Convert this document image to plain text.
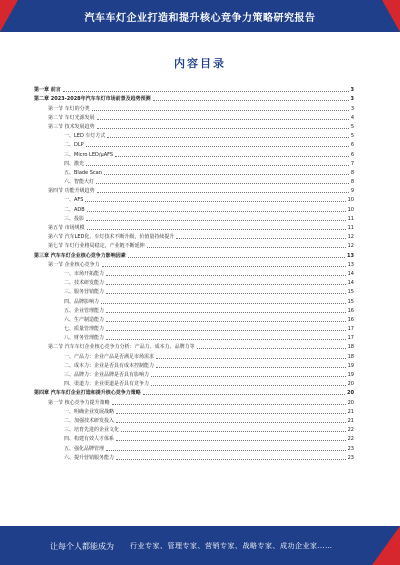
汽车车灯企业打造和提升核心竞争力策略研究报告
内容目录
第一章 前言	3
第二章 2023-2028年汽车车灯市场前景及趋势预测	3
第一节 车灯的分类	3
第二节 车灯光源发展	4
第三节 技术发展趋势	5
一、LED 车灯方式	5
二、DLP	6
三、Micro LED/μAFS	6
四、激光	7
五、Blade Scan	8
六、智能大灯	8
第四节 功能升级趋势	9
一、AFS	10
二、ADB	10
三、投影	11
第五节 市场规模	11
第六节 汽车LED化、车灯技术不断升级，价值量持续提升	12
第七节 车灯行业格局稳定，产业链不断延伸	12
第三章 汽车车灯企业核心竞争力影响因素	13
第一节 企业核心竞争力	13
一、市场开拓能力	14
二、技术研发能力	14
三、服务营销能力	15
四、品牌影响力	15
五、企业管理能力	16
六、生产制造能力	16
七、质量管理能力	17
八、财务管理能力	17
第二节 汽车车灯企业核心竞争力分析：产品力、成本力、品牌力等	18
一、产品力：企业产品是否满足市场需求	18
二、成本力：企业是否具有成本控制能力	19
三、品牌力：企业品牌是否具有影响力	19
四、渠道力：企业渠道是否具有竞争力	20
第四章 汽车车灯企业打造和提升核心竞争力策略	20
第一节 核心竞争力提升策略	20
一、明确企业发展战略	21
二、加强技术研发投入	21
三、培育先进的企业文化	22
四、构建有效人才体系	22
五、强化品牌管理	23
六、提升营销服务能力	23
让每个人都能成为 行业专家、管理专家、营销专家、战略专家、成功企业家……
